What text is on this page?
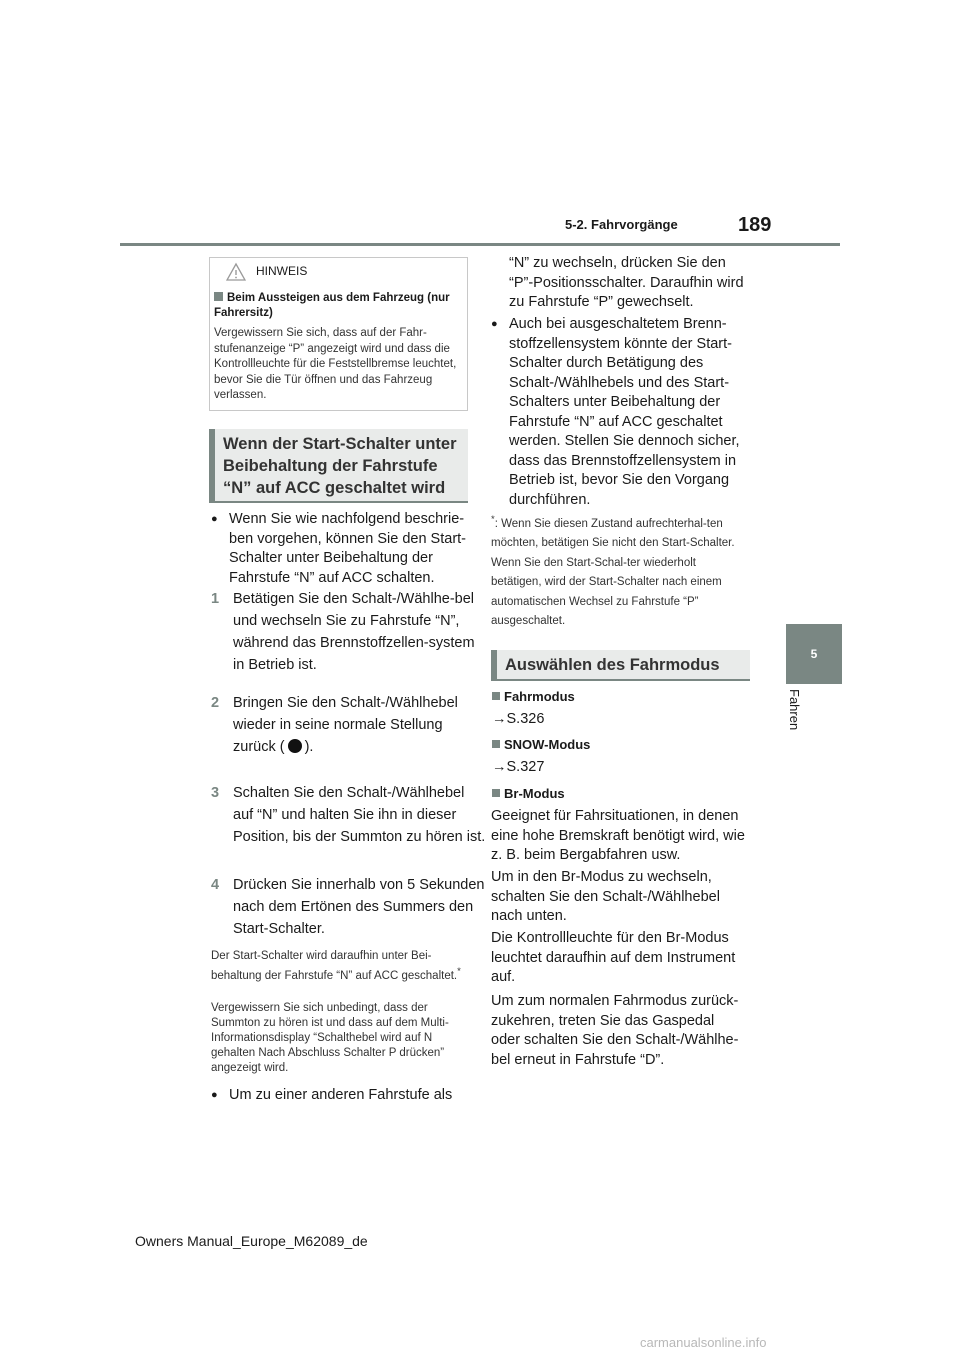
5-2. Fahrvorgänge	189
5
Fahren
HINWEIS
Beim Aussteigen aus dem Fahrzeug (nur Fahrersitz)
Vergewissern Sie sich, dass auf der Fahr-stufenanzeige “P” angezeigt wird und dass die Kontrollleuchte für die Feststellbremse leuchtet, bevor Sie die Tür öffnen und das Fahrzeug verlassen.
Wenn der Start-Schalter unter Beibehaltung der Fahrstufe “N” auf ACC geschaltet wird
● Wenn Sie wie nachfolgend beschrie-ben vorgehen, können Sie den Start-Schalter unter Beibehaltung der Fahrstufe “N” auf ACC schalten.
1 Betätigen Sie den Schalt-/Wählhe-bel und wechseln Sie zu Fahrstufe “N”, während das Brennstoffzellen-system in Betrieb ist.
2 Bringen Sie den Schalt-/Wählhebel wieder in seine normale Stellung zurück ( ).
3 Schalten Sie den Schalt-/Wählhebel auf “N” und halten Sie ihn in dieser Position, bis der Summton zu hören ist.
4 Drücken Sie innerhalb von 5 Sekunden nach dem Ertönen des Summers den Start-Schalter.
Der Start-Schalter wird daraufhin unter Bei-behaltung der Fahrstufe “N” auf ACC geschaltet.*
Vergewissern Sie sich unbedingt, dass der Summton zu hören ist und dass auf dem Multi-Informationsdisplay “Schalthebel wird auf N gehalten Nach Abschluss Schalter P drücken” angezeigt wird.
● Um zu einer anderen Fahrstufe als
“N” zu wechseln, drücken Sie den “P”-Positionsschalter. Daraufhin wird zu Fahrstufe “P” gewechselt.
● Auch bei ausgeschaltetem Brenn-stoffzellensystem könnte der Start-Schalter durch Betätigung des Schalt-/Wählhebels und des Start-Schalters unter Beibehaltung der Fahrstufe “N” auf ACC geschaltet werden. Stellen Sie dennoch sicher, dass das Brennstoffzellensystem in Betrieb ist, bevor Sie den Vorgang durchführen.
*: Wenn Sie diesen Zustand aufrechterhal-ten möchten, betätigen Sie nicht den Start-Schalter. Wenn Sie den Start-Schal-ter wiederholt betätigen, wird der Start-Schalter nach einem automatischen Wechsel zu Fahrstufe “P” ausgeschaltet.
Auswählen des Fahrmodus
Fahrmodus
→S.326
SNOW-Modus
→S.327
Br-Modus
Geeignet für Fahrsituationen, in denen eine hohe Bremskraft benötigt wird, wie z. B. beim Bergabfahren usw.
Um in den Br-Modus zu wechseln, schalten Sie den Schalt-/Wählhebel nach unten.
Die Kontrollleuchte für den Br-Modus leuchtet daraufhin auf dem Instrument auf.
Um zum normalen Fahrmodus zurück-zukehren, treten Sie das Gaspedal oder schalten Sie den Schalt-/Wählhe-bel erneut in Fahrstufe “D”.
Owners Manual_Europe_M62089_de
carmanualsonline.info
